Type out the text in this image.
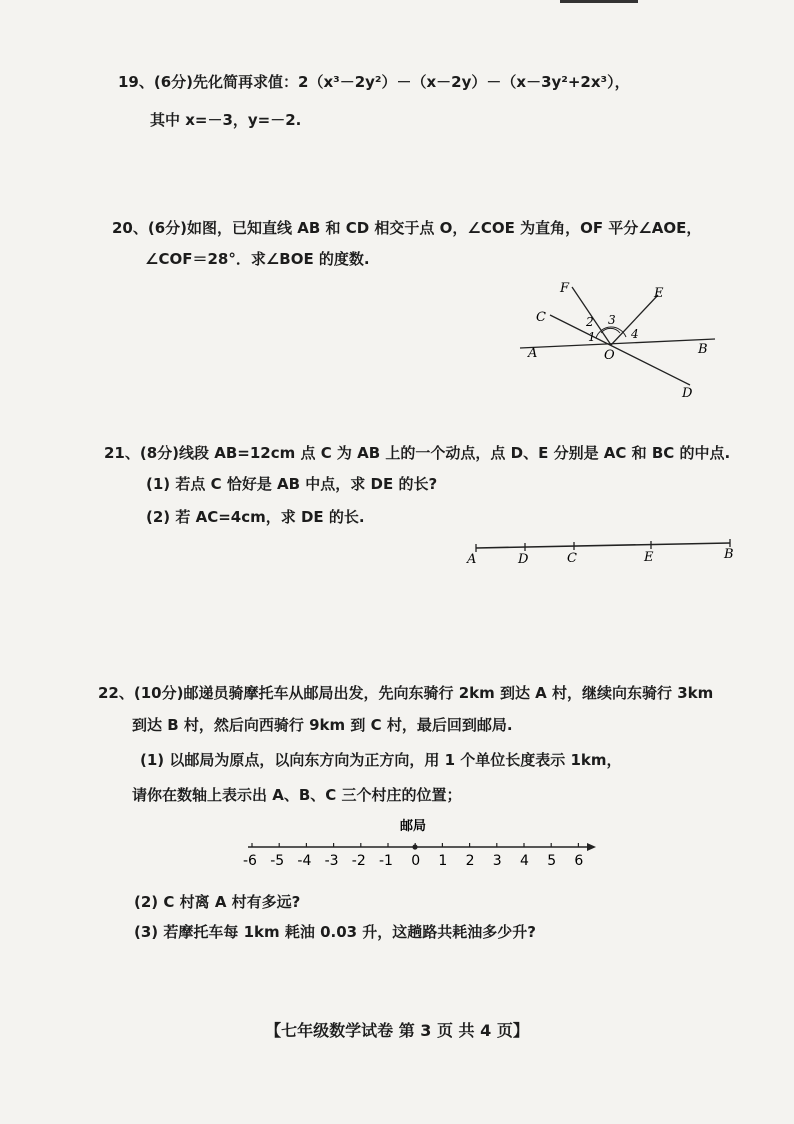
19、(6分)先化简再求值：2（x³－2y²）－（x－2y）－（x－3y²+2x³），
其中 x=－3，y=－2.
20、(6分)如图，已知直线 AB 和 CD 相交于点 O，∠COE 为直角，OF 平分∠AOE，
∠COF＝28°．求∠BOE 的度数.
F	E
C	2 3
1	4
A	O	B
D
21、(8分)线段 AB=12cm 点 C 为 AB 上的一个动点，点 D、E 分别是 AC 和 BC 的中点.
(1) 若点 C 恰好是 AB 中点，求 DE 的长?
(2) 若 AC=4cm，求 DE 的长.
A	D	C	E	B
22、(10分)邮递员骑摩托车从邮局出发，先向东骑行 2km 到达 A 村，继续向东骑行 3km
到达 B 村，然后向西骑行 9km 到 C 村，最后回到邮局.
(1) 以邮局为原点，以向东方向为正方向，用 1 个单位长度表示 1km，
请你在数轴上表示出 A、B、C 三个村庄的位置；
邮局
-6 -5 -4 -3 -2 -1 0 1 2 3 4 5 6
(2) C 村离 A 村有多远?
(3) 若摩托车每 1km 耗油 0.03 升，这趟路共耗油多少升?
【七年级数学试卷 第 3 页 共 4 页】
